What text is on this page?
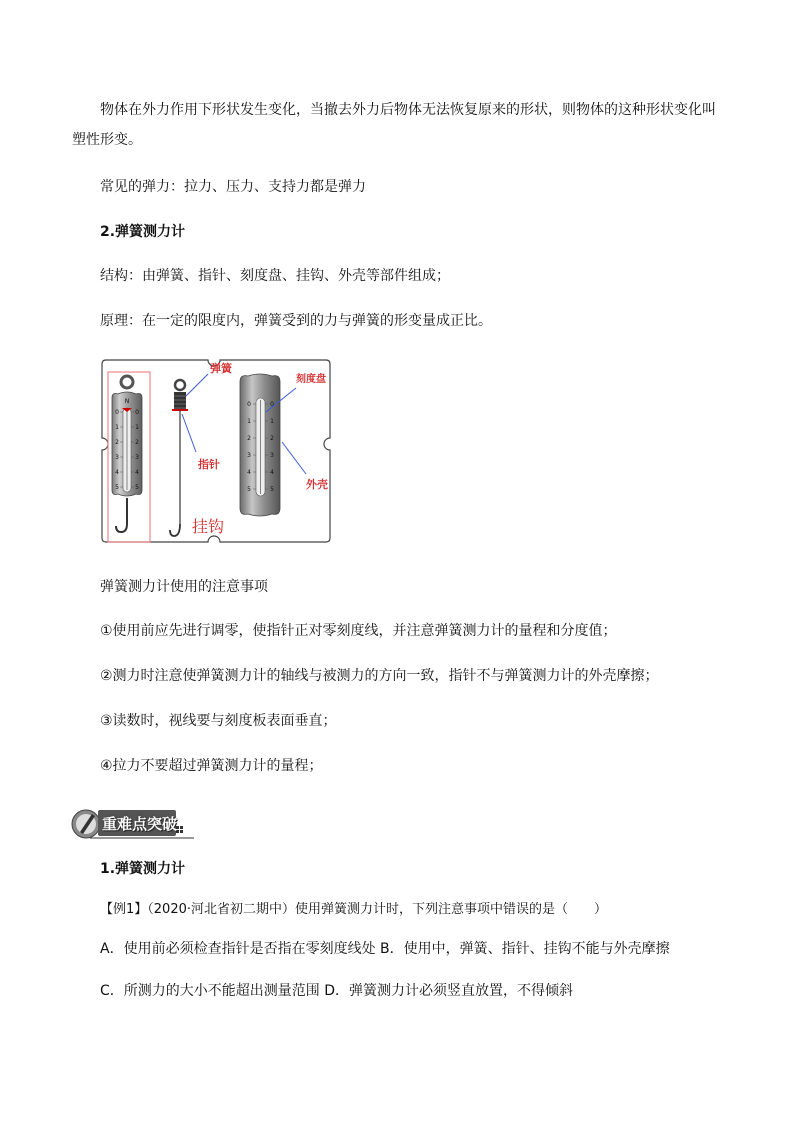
物体在外力作用下形状发生变化，当撤去外力后物体无法恢复原来的形状，则物体的这种形状变化叫
塑性形变。
常见的弹力：拉力、压力、支持力都是弹力
2.弹簧测力计
结构：由弹簧、指针、刻度盘、挂钩、外壳等部件组成；
原理：在一定的限度内，弹簧受到的力与弹簧的形变量成正比。
N
0
1
2
3
4
5
0
1
2
3
4
5
0
1
2
3
4
5
0
1
2
3
4
5
弹簧
指针
刻度盘
外壳
挂钩
弹簧测力计使用的注意事项
①使用前应先进行调零，使指针正对零刻度线，并注意弹簧测力计的量程和分度值；
②测力时注意使弹簧测力计的轴线与被测力的方向一致，指针不与弹簧测力计的外壳摩擦；
③读数时，视线要与刻度板表面垂直；
④拉力不要超过弹簧测力计的量程；
重难点突破
1.弹簧测力计
【例1】（2020·河北省初二期中）使用弹簧测力计时，下列注意事项中错误的是（　　）
A．使用前必须检查指针是否指在零刻度线处 B．使用中，弹簧、指针、挂钩不能与外壳摩擦
C．所测力的大小不能超出测量范围 D．弹簧测力计必须竖直放置，不得倾斜
